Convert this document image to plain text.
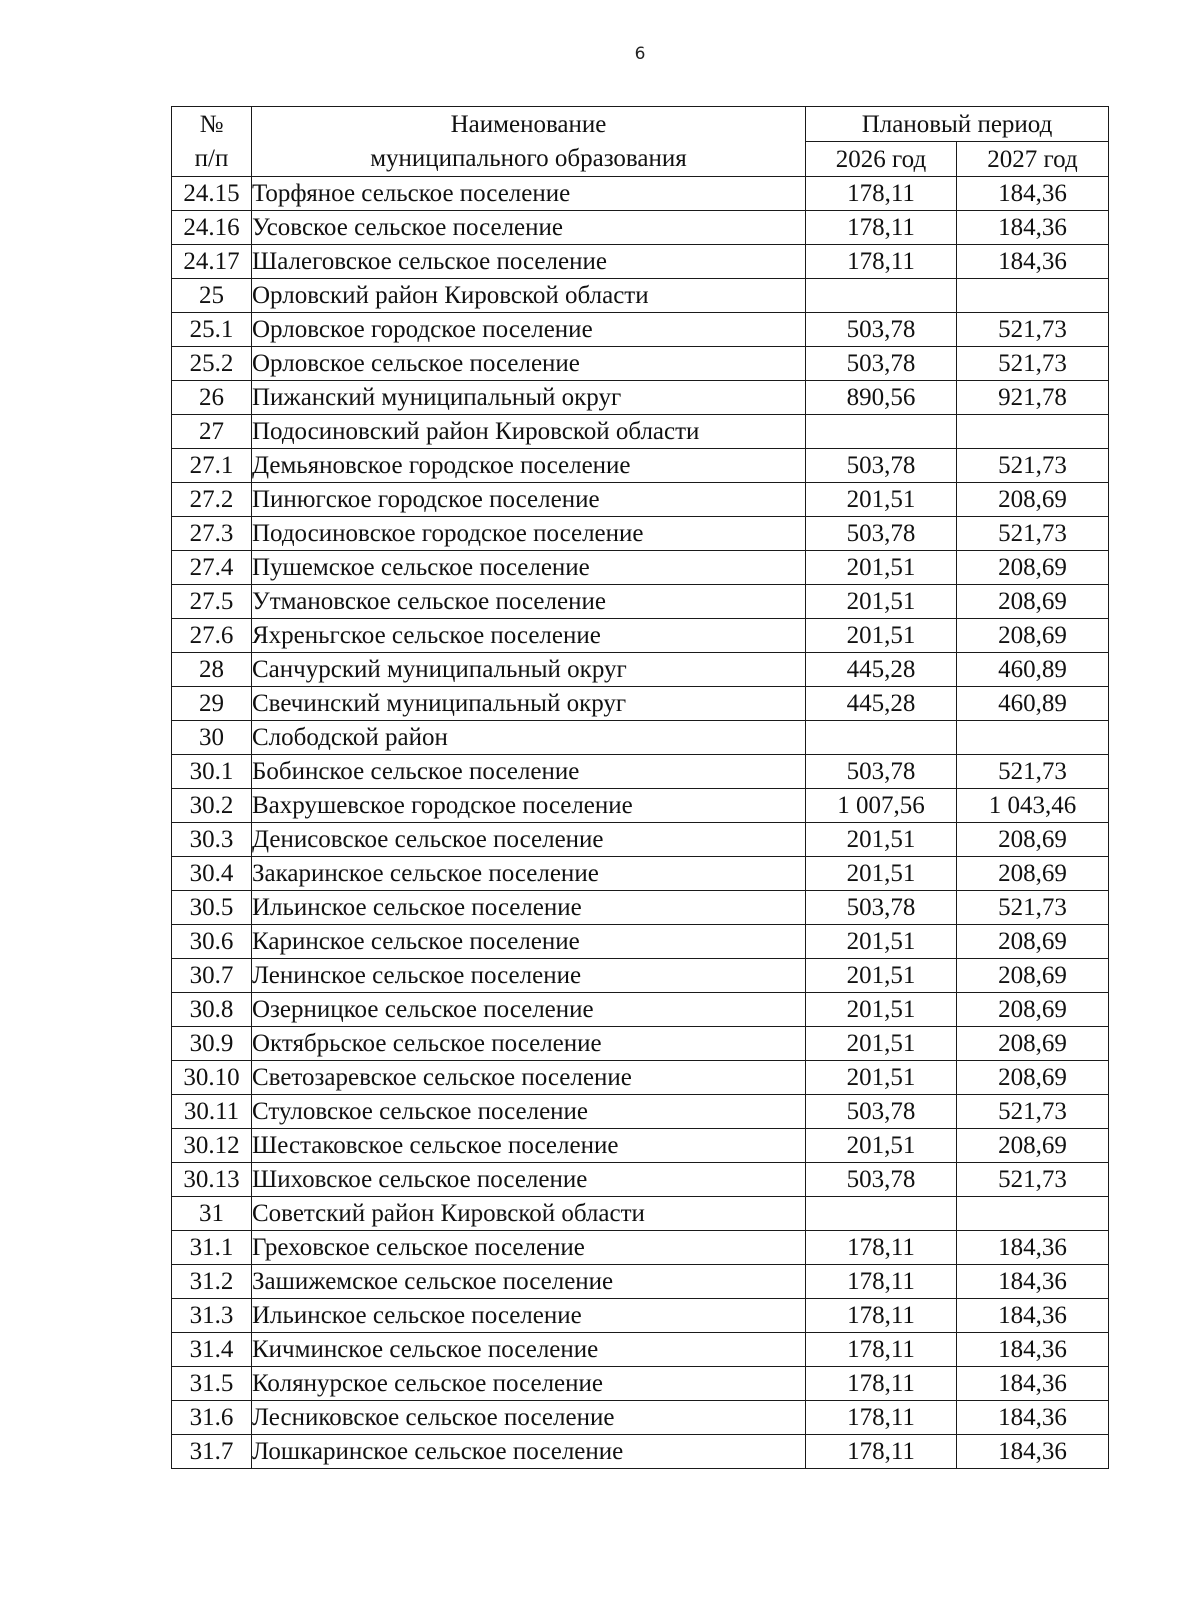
6
№	Наименование	Плановый период	
п/п	муниципального образования	2026 год	2027 год
24.15	Торфяное сельское поселение	178,11	184,36
24.16	Усовское сельское поселение	178,11	184,36
24.17	Шалеговское сельское поселение	178,11	184,36
25	Орловский район Кировской области		
25.1	Орловское городское поселение	503,78	521,73
25.2	Орловское сельское поселение	503,78	521,73
26	Пижанский муниципальный округ	890,56	921,78
27	Подосиновский район Кировской области		
27.1	Демьяновское городское поселение	503,78	521,73
27.2	Пинюгское городское поселение	201,51	208,69
27.3	Подосиновское городское поселение	503,78	521,73
27.4	Пушемское сельское поселение	201,51	208,69
27.5	Утмановское сельское поселение	201,51	208,69
27.6	Яхреньгское сельское поселение	201,51	208,69
28	Санчурский муниципальный округ	445,28	460,89
29	Свечинский муниципальный округ	445,28	460,89
30	Слободской район		
30.1	Бобинское сельское поселение	503,78	521,73
30.2	Вахрушевское городское поселение	1 007,56	1 043,46
30.3	Денисовское сельское поселение	201,51	208,69
30.4	Закаринское сельское поселение	201,51	208,69
30.5	Ильинское сельское поселение	503,78	521,73
30.6	Каринское сельское поселение	201,51	208,69
30.7	Ленинское сельское поселение	201,51	208,69
30.8	Озерницкое сельское поселение	201,51	208,69
30.9	Октябрьское сельское поселение	201,51	208,69
30.10	Светозаревское сельское поселение	201,51	208,69
30.11	Стуловское сельское поселение	503,78	521,73
30.12	Шестаковское сельское поселение	201,51	208,69
30.13	Шиховское сельское поселение	503,78	521,73
31	Советский район Кировской области		
31.1	Греховское сельское поселение	178,11	184,36
31.2	Зашижемское сельское поселение	178,11	184,36
31.3	Ильинское сельское поселение	178,11	184,36
31.4	Кичминское сельское поселение	178,11	184,36
31.5	Колянурское сельское поселение	178,11	184,36
31.6	Лесниковское сельское поселение	178,11	184,36
31.7	Лошкаринское сельское поселение	178,11	184,36
